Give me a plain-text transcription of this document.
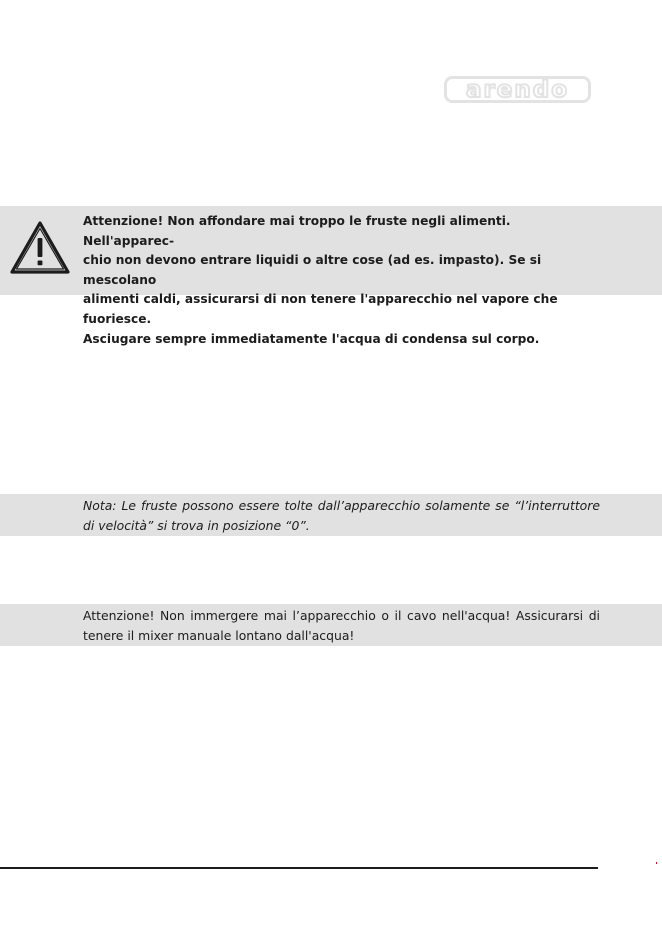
arendo
Attenzione! Non affondare mai troppo le fruste negli alimenti. Nell'apparec-
chio non devono entrare liquidi o altre cose (ad es. impasto). Se si mescolano
alimenti caldi, assicurarsi di non tenere l'apparecchio nel vapore che fuoriesce.
Asciugare sempre immediatamente l'acqua di condensa sul corpo.
Nota: Le fruste possono essere tolte dall’apparecchio solamente se “l’interruttore di velocità” si trova in posizione “0”.
Attenzione! Non immergere mai l’apparecchio o il cavo nell'acqua! Assicurarsi di tenere il mixer manuale lontano dall'acqua!
